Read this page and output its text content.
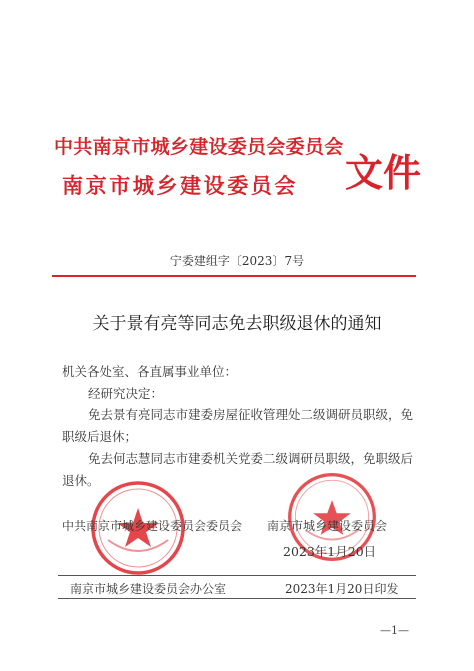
中共南京市城乡建设委员会委员会
南京市城乡建设委员会 文件
宁委建组字〔2023〕7号
关于景有亮等同志免去职级退休的通知
机关各处室、各直属事业单位：
经研究决定：
免去景有亮同志市建委房屋征收管理处二级调研员职级，免
职级后退休；
免去何志慧同志市建委机关党委二级调研员职级，免职级后
退休。
中共南京市城乡建设委员会委员会 南京市城乡建设委员会
2023年1月20日
南京市城乡建设委员会办公室	2023年1月20日印发
—1—
